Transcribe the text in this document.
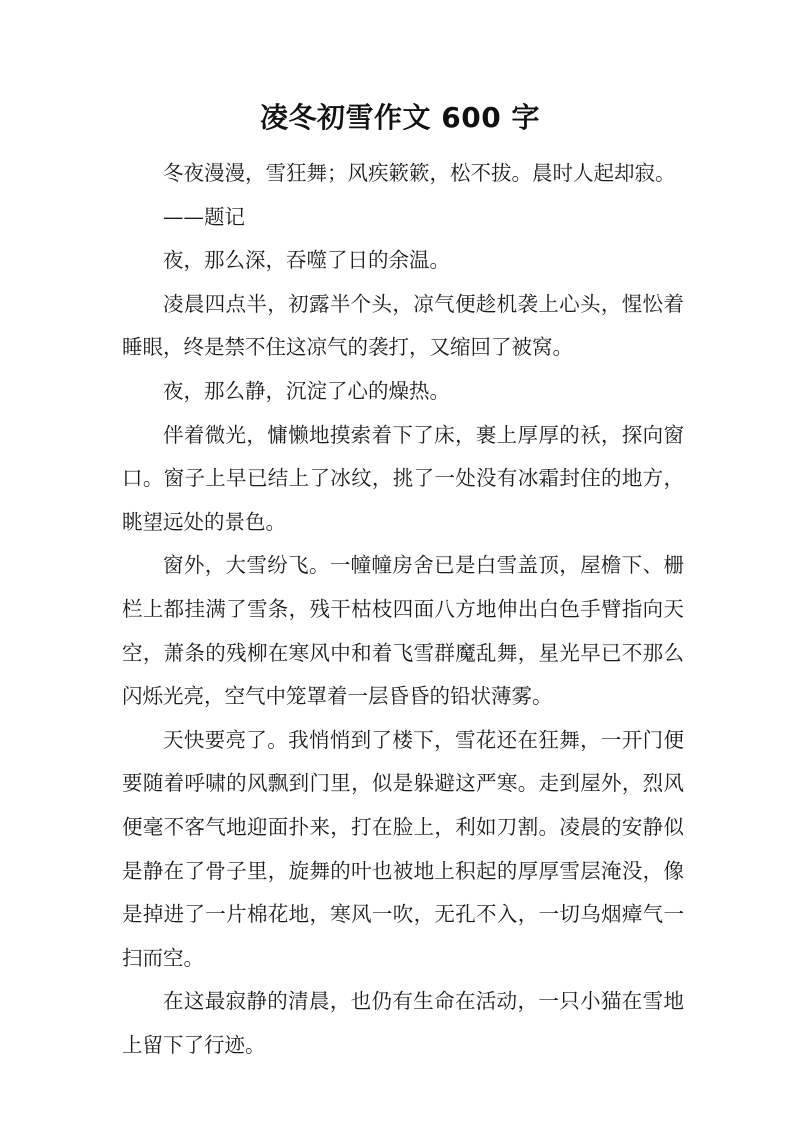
凌冬初雪作文 600 字

冬夜漫漫，雪狂舞；风疾簌簌，松不拔。晨时人起却寂。

——题记

夜，那么深，吞噬了日的余温。

凌晨四点半，初露半个头，凉气便趁机袭上心头，惺忪着睡眼，终是禁不住这凉气的袭打，又缩回了被窝。

夜，那么静，沉淀了心的燥热。

伴着微光，慵懒地摸索着下了床，裹上厚厚的袄，探向窗口。窗子上早已结上了冰纹，挑了一处没有冰霜封住的地方，眺望远处的景色。

窗外，大雪纷飞。一幢幢房舍已是白雪盖顶，屋檐下、栅栏上都挂满了雪条，残干枯枝四面八方地伸出白色手臂指向天空，萧条的残柳在寒风中和着飞雪群魔乱舞，星光早已不那么闪烁光亮，空气中笼罩着一层昏昏的铅状薄雾。

天快要亮了。我悄悄到了楼下，雪花还在狂舞，一开门便要随着呼啸的风飘到门里，似是躲避这严寒。走到屋外，烈风便毫不客气地迎面扑来，打在脸上，利如刀割。凌晨的安静似是静在了骨子里，旋舞的叶也被地上积起的厚厚雪层淹没，像是掉进了一片棉花地，寒风一吹，无孔不入，一切乌烟瘴气一扫而空。

在这最寂静的清晨，也仍有生命在活动，一只小猫在雪地上留下了行迹。
